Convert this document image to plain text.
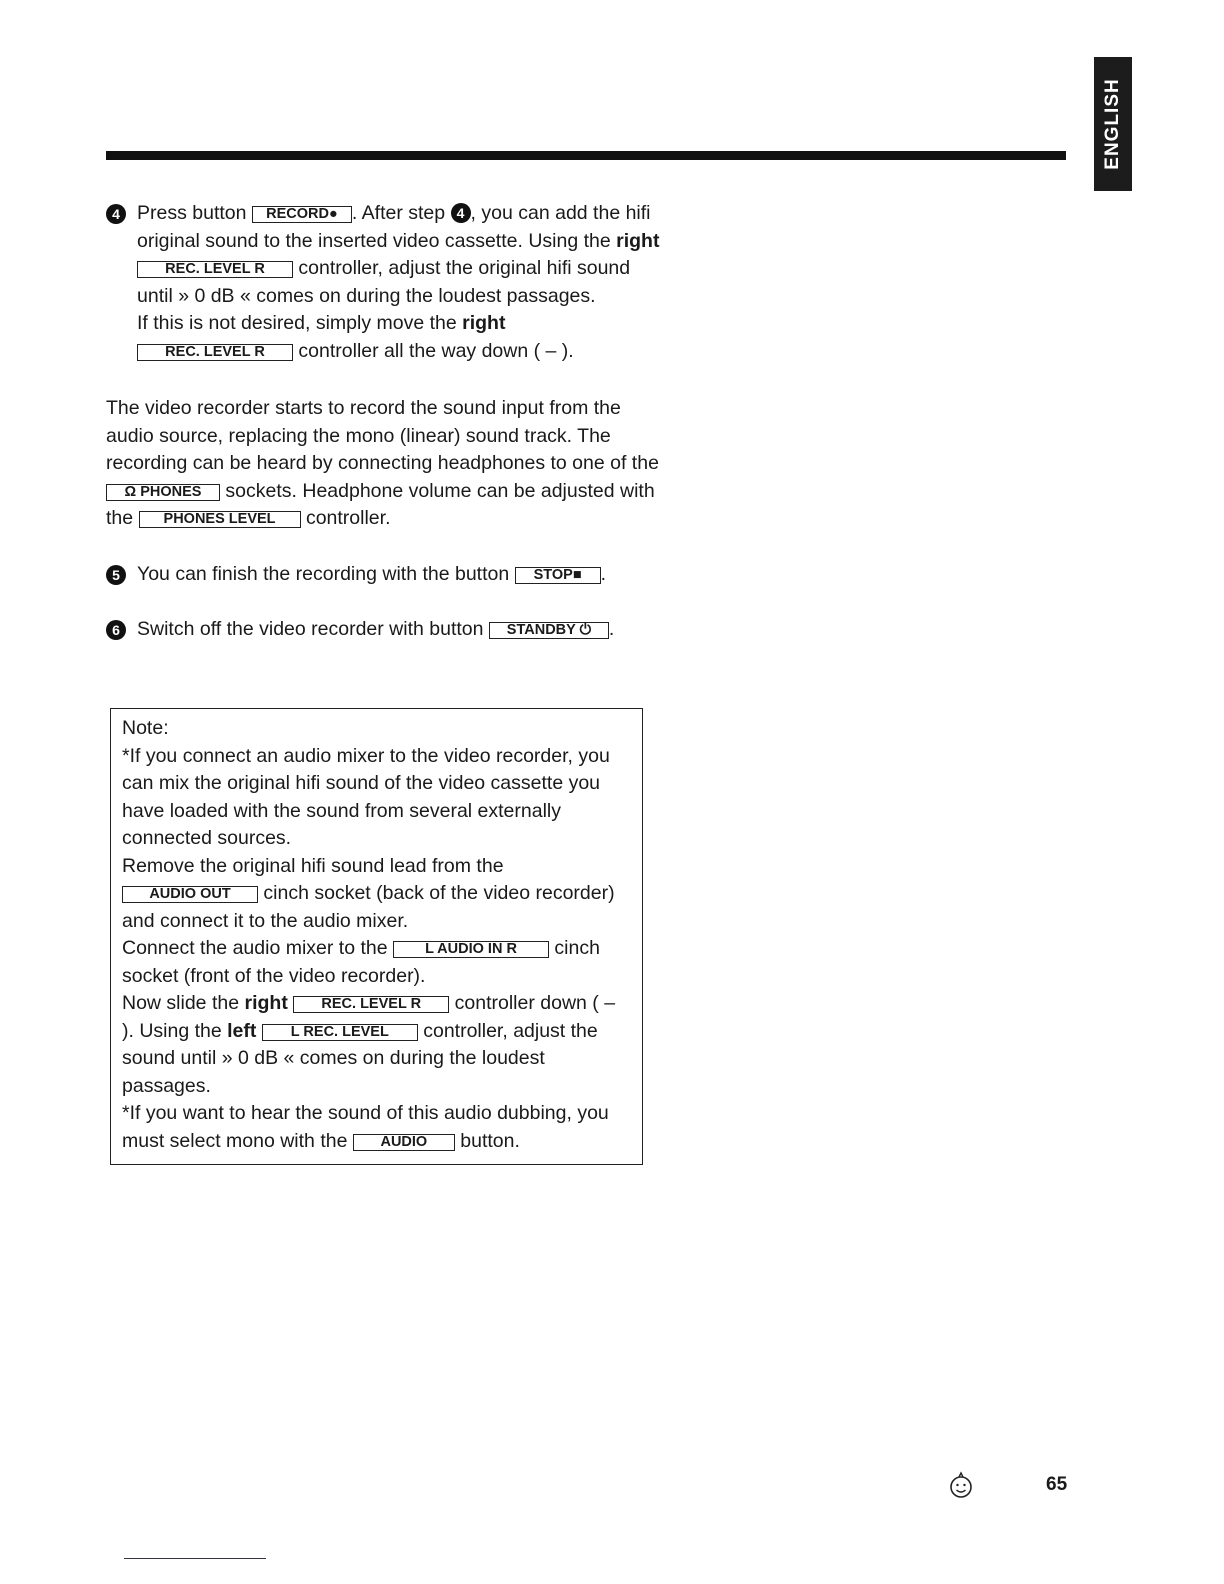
ENGLISH
4 Press button RECORD● . After step 4 , you can add the hifi original sound to the inserted video cassette. Using the right REC. LEVEL R controller, adjust the original hifi sound until » 0 dB « comes on during the loudest passages.

If this is not desired, simply move the right
REC. LEVEL R controller all the way down ( – ).

The video recorder starts to record the sound input from the audio source, replacing the mono (linear) sound track. The recording can be heard by connecting headphones to one of the Ω PHONES sockets. Headphone volume can be adjusted with the PHONES LEVEL controller.

5 You can finish the recording with the button STOP■ .

6 Switch off the video recorder with button STANDBY ⏻ .

Note:

*If you connect an audio mixer to the video recorder, you can mix the original hifi sound of the video cassette you have loaded with the sound from several externally connected sources.

Remove the original hifi sound lead from the
AUDIO OUT cinch socket (back of the video recorder) and connect it to the audio mixer.

Connect the audio mixer to the L AUDIO IN R cinch socket (front of the video recorder).

Now slide the right REC. LEVEL R controller down ( – ). Using the left L REC. LEVEL controller, adjust the sound until » 0 dB « comes on during the loudest passages.

*If you want to hear the sound of this audio dubbing, you must select mono with the AUDIO button.

65
